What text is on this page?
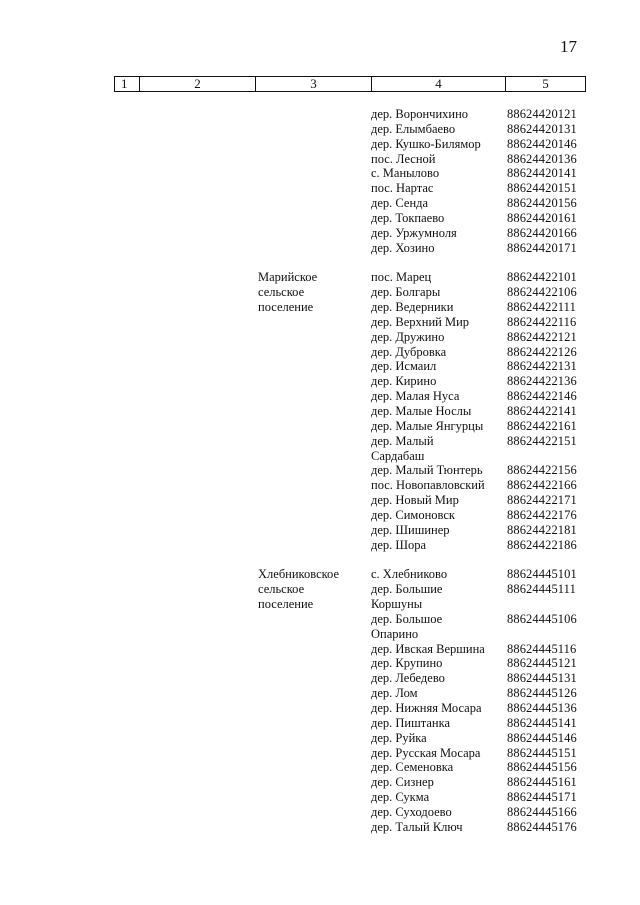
17
1	2	3	4	5
дер. Ворончихино	88624420121
дер. Елымбаево	88624420131
дер. Кушко-Билямор 88624420146
пос. Лесной	88624420136
с. Манылово	88624420141
пос. Нартас	88624420151
дер. Сенда	88624420156
дер. Токпаево	88624420161
дер. Уржумноля	88624420166
дер. Хозино	88624420171
Марийское	пос. Марец	88624422101
сельское	дер. Болгары	88624422106
поселение	дер. Ведерники	88624422111
дер. Верхний Мир	88624422116
дер. Дружино	88624422121
дер. Дубровка	88624422126
дер. Исмаил	88624422131
дер. Кирино	88624422136
дер. Малая Нуса	88624422146
дер. Малые Нослы	88624422141
дер. Малые Янгурцы 88624422161
дер. Малый	88624422151
Сардабаш
дер. Малый Тюнтерь 88624422156
пос. Новопавловский 88624422166
дер. Новый Мир	88624422171
дер. Симоновск	88624422176
дер. Шишинер	88624422181
дер. Шора	88624422186
Хлебниковское	с. Хлебниково	88624445101
сельское	дер. Большие	88624445111
поселение	Коршуны
дер. Большое	88624445106
Опарино
дер. Ивская Вершина 88624445116
дер. Крупино	88624445121
дер. Лебедево	88624445131
дер. Лом	88624445126
дер. Нижняя Мосара 88624445136
дер. Пиштанка	88624445141
дер. Руйка	88624445146
дер. Русская Мосара 88624445151
дер. Семеновка	88624445156
дер. Сизнер	88624445161
дер. Сукма	88624445171
дер. Суходоево	88624445166
дер. Талый Ключ	88624445176
